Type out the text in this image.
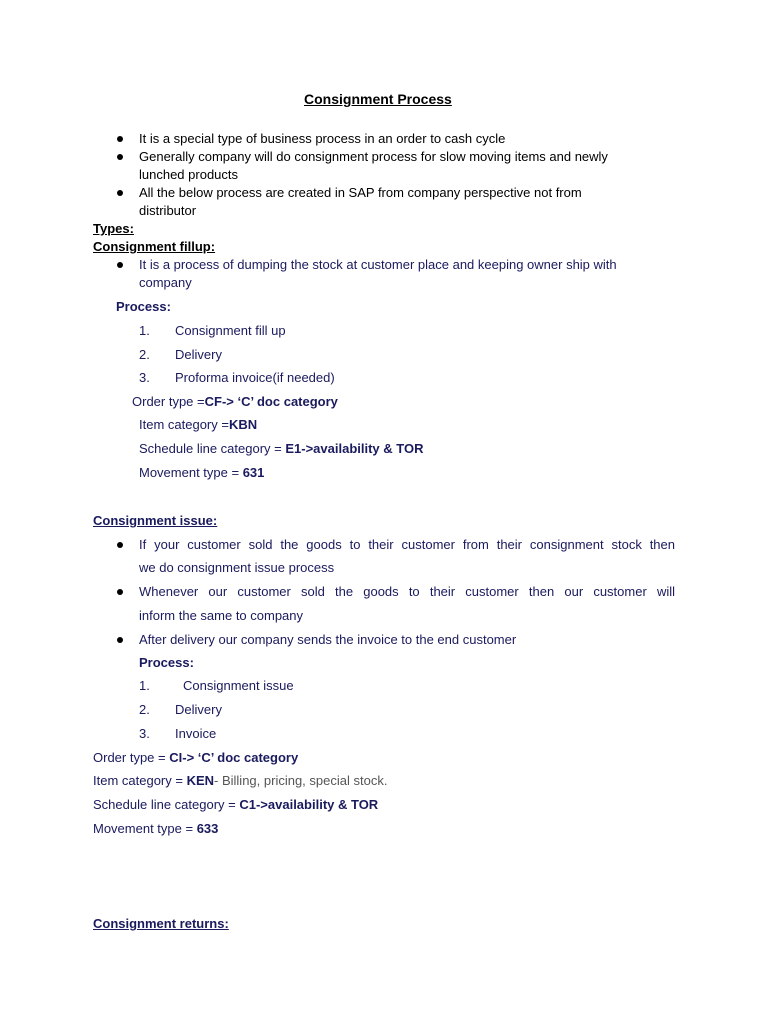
Consignment Process
It is a special type of business process in an order to cash cycle
Generally company will do consignment process for slow moving items and newly
lunched products
All the below process are created in SAP from company perspective not from
distributor
Types:
Consignment fillup:
It is a process of dumping the stock at customer place and keeping owner ship with
company
Process:
1. Consignment fill up
2. Delivery
3. Proforma invoice(if needed)
Order type =CF-> ‘C’ doc category
Item category =KBN
Schedule line category = E1->availability & TOR
Movement type = 631
Consignment issue:
If your customer sold the goods to their customer from their consignment stock then
we do consignment issue process
Whenever our customer sold the goods to their customer then our customer will
inform the same to company
After delivery our company sends the invoice to the end customer
Process:
1.	Consignment issue
2. Delivery
3. Invoice
Order type = CI-> ‘C’ doc category
Item category = KEN- Billing, pricing, special stock.
Schedule line category = C1->availability & TOR
Movement type = 633
Consignment returns:
